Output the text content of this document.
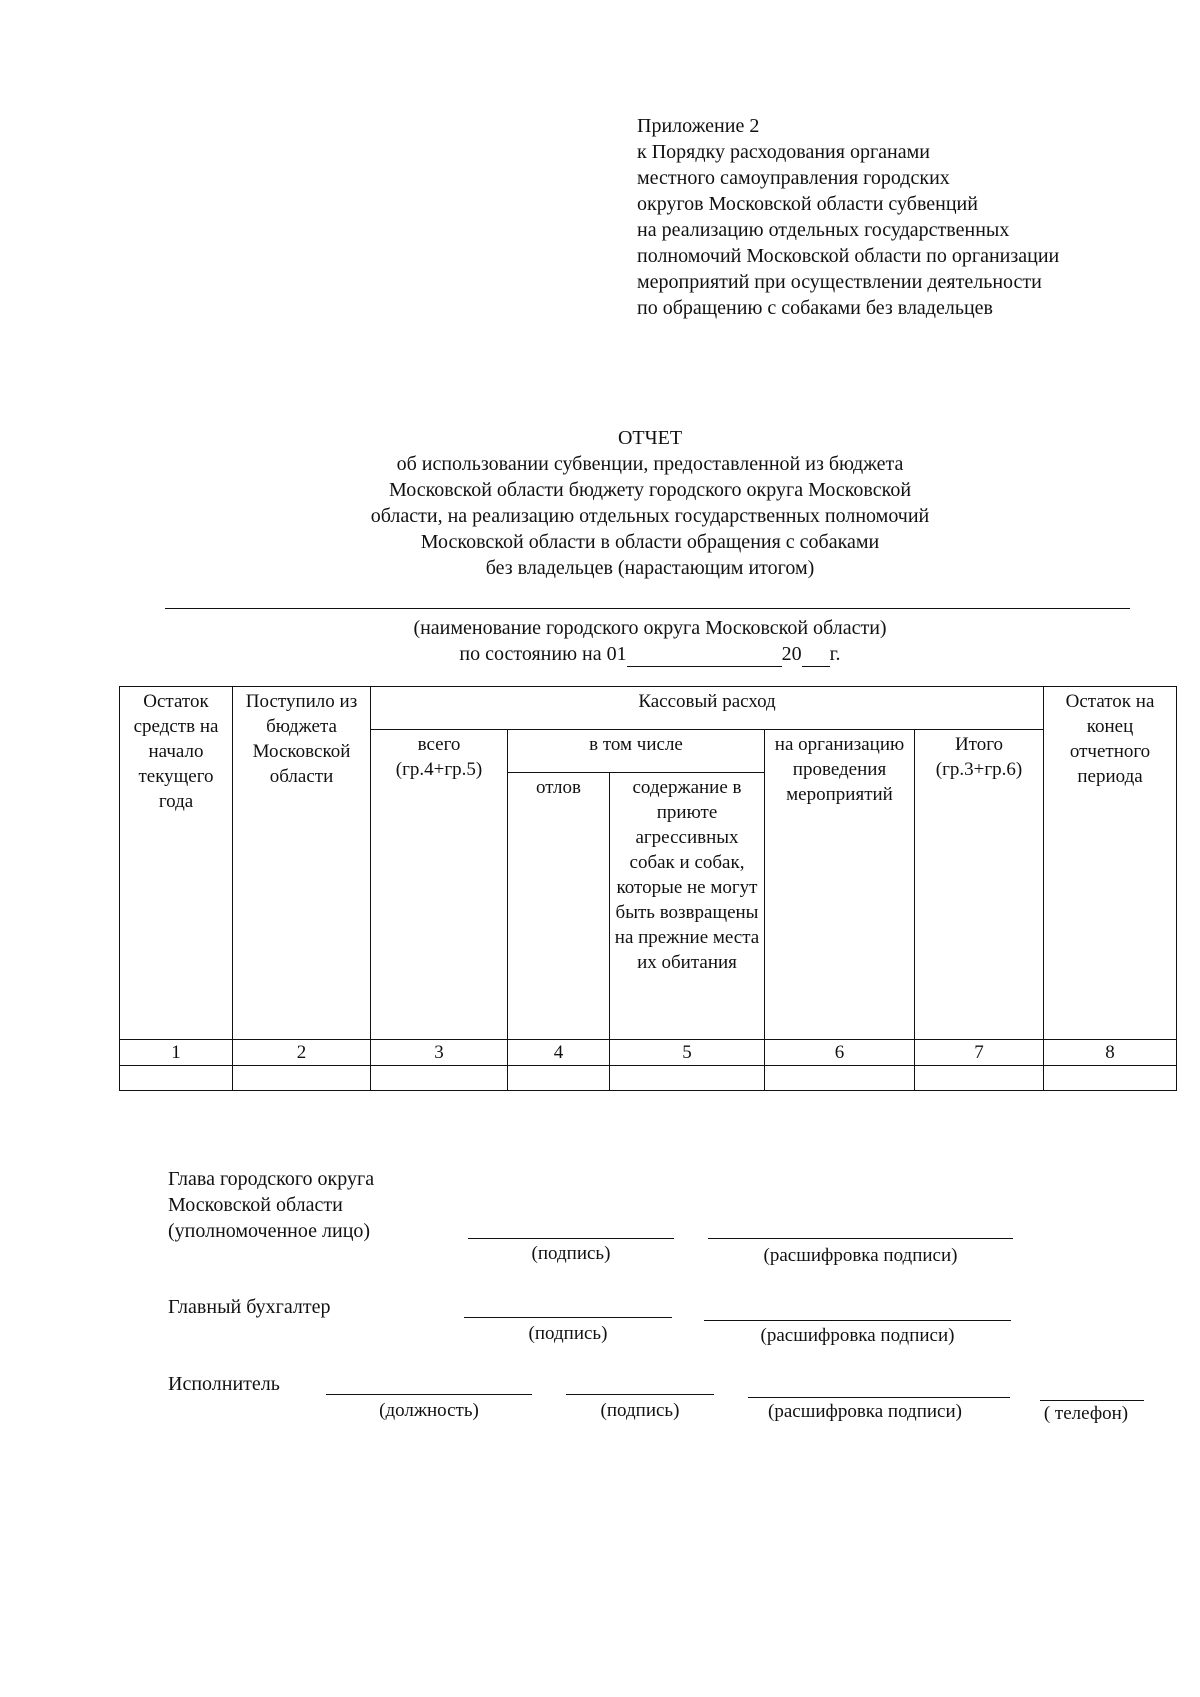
Приложение 2
к Порядку расходования органами
местного самоуправления городских
округов Московской области субвенций
на реализацию отдельных государственных
полномочий Московской области по организации
мероприятий при осуществлении деятельности
по обращению с собаками без владельцев
ОТЧЕТ
об использовании субвенции, предоставленной из бюджета
Московской области бюджету городского округа Московской
области, на реализацию отдельных государственных полномочий
Московской области в области обращения с собаками
без владельцев (нарастающим итогом)
(наименование городского округа Московской области)
по состоянию на 01	20 г.
Остаток средств на начало текущего года	Поступило из бюджета Московской области	Кассовый расход					Остаток на конец отчетного периода
		всего (гр.4+гр.5)	в том числе		на организацию проведения мероприятий	Итого (гр.3+гр.6)	
			отлов	содержание в приюте агрессивных собак и собак, которые не могут быть возвращены на прежние места их обитания			
1	2	3	4	5	6	7	8

Глава городского округа
Московской области
(уполномоченное лицо)
(подпись)	(расшифровка подписи)
Главный бухгалтер
(подпись)	(расшифровка подписи)
Исполнитель
(должность)	(подпись)	(расшифровка подписи)	( телефон)
